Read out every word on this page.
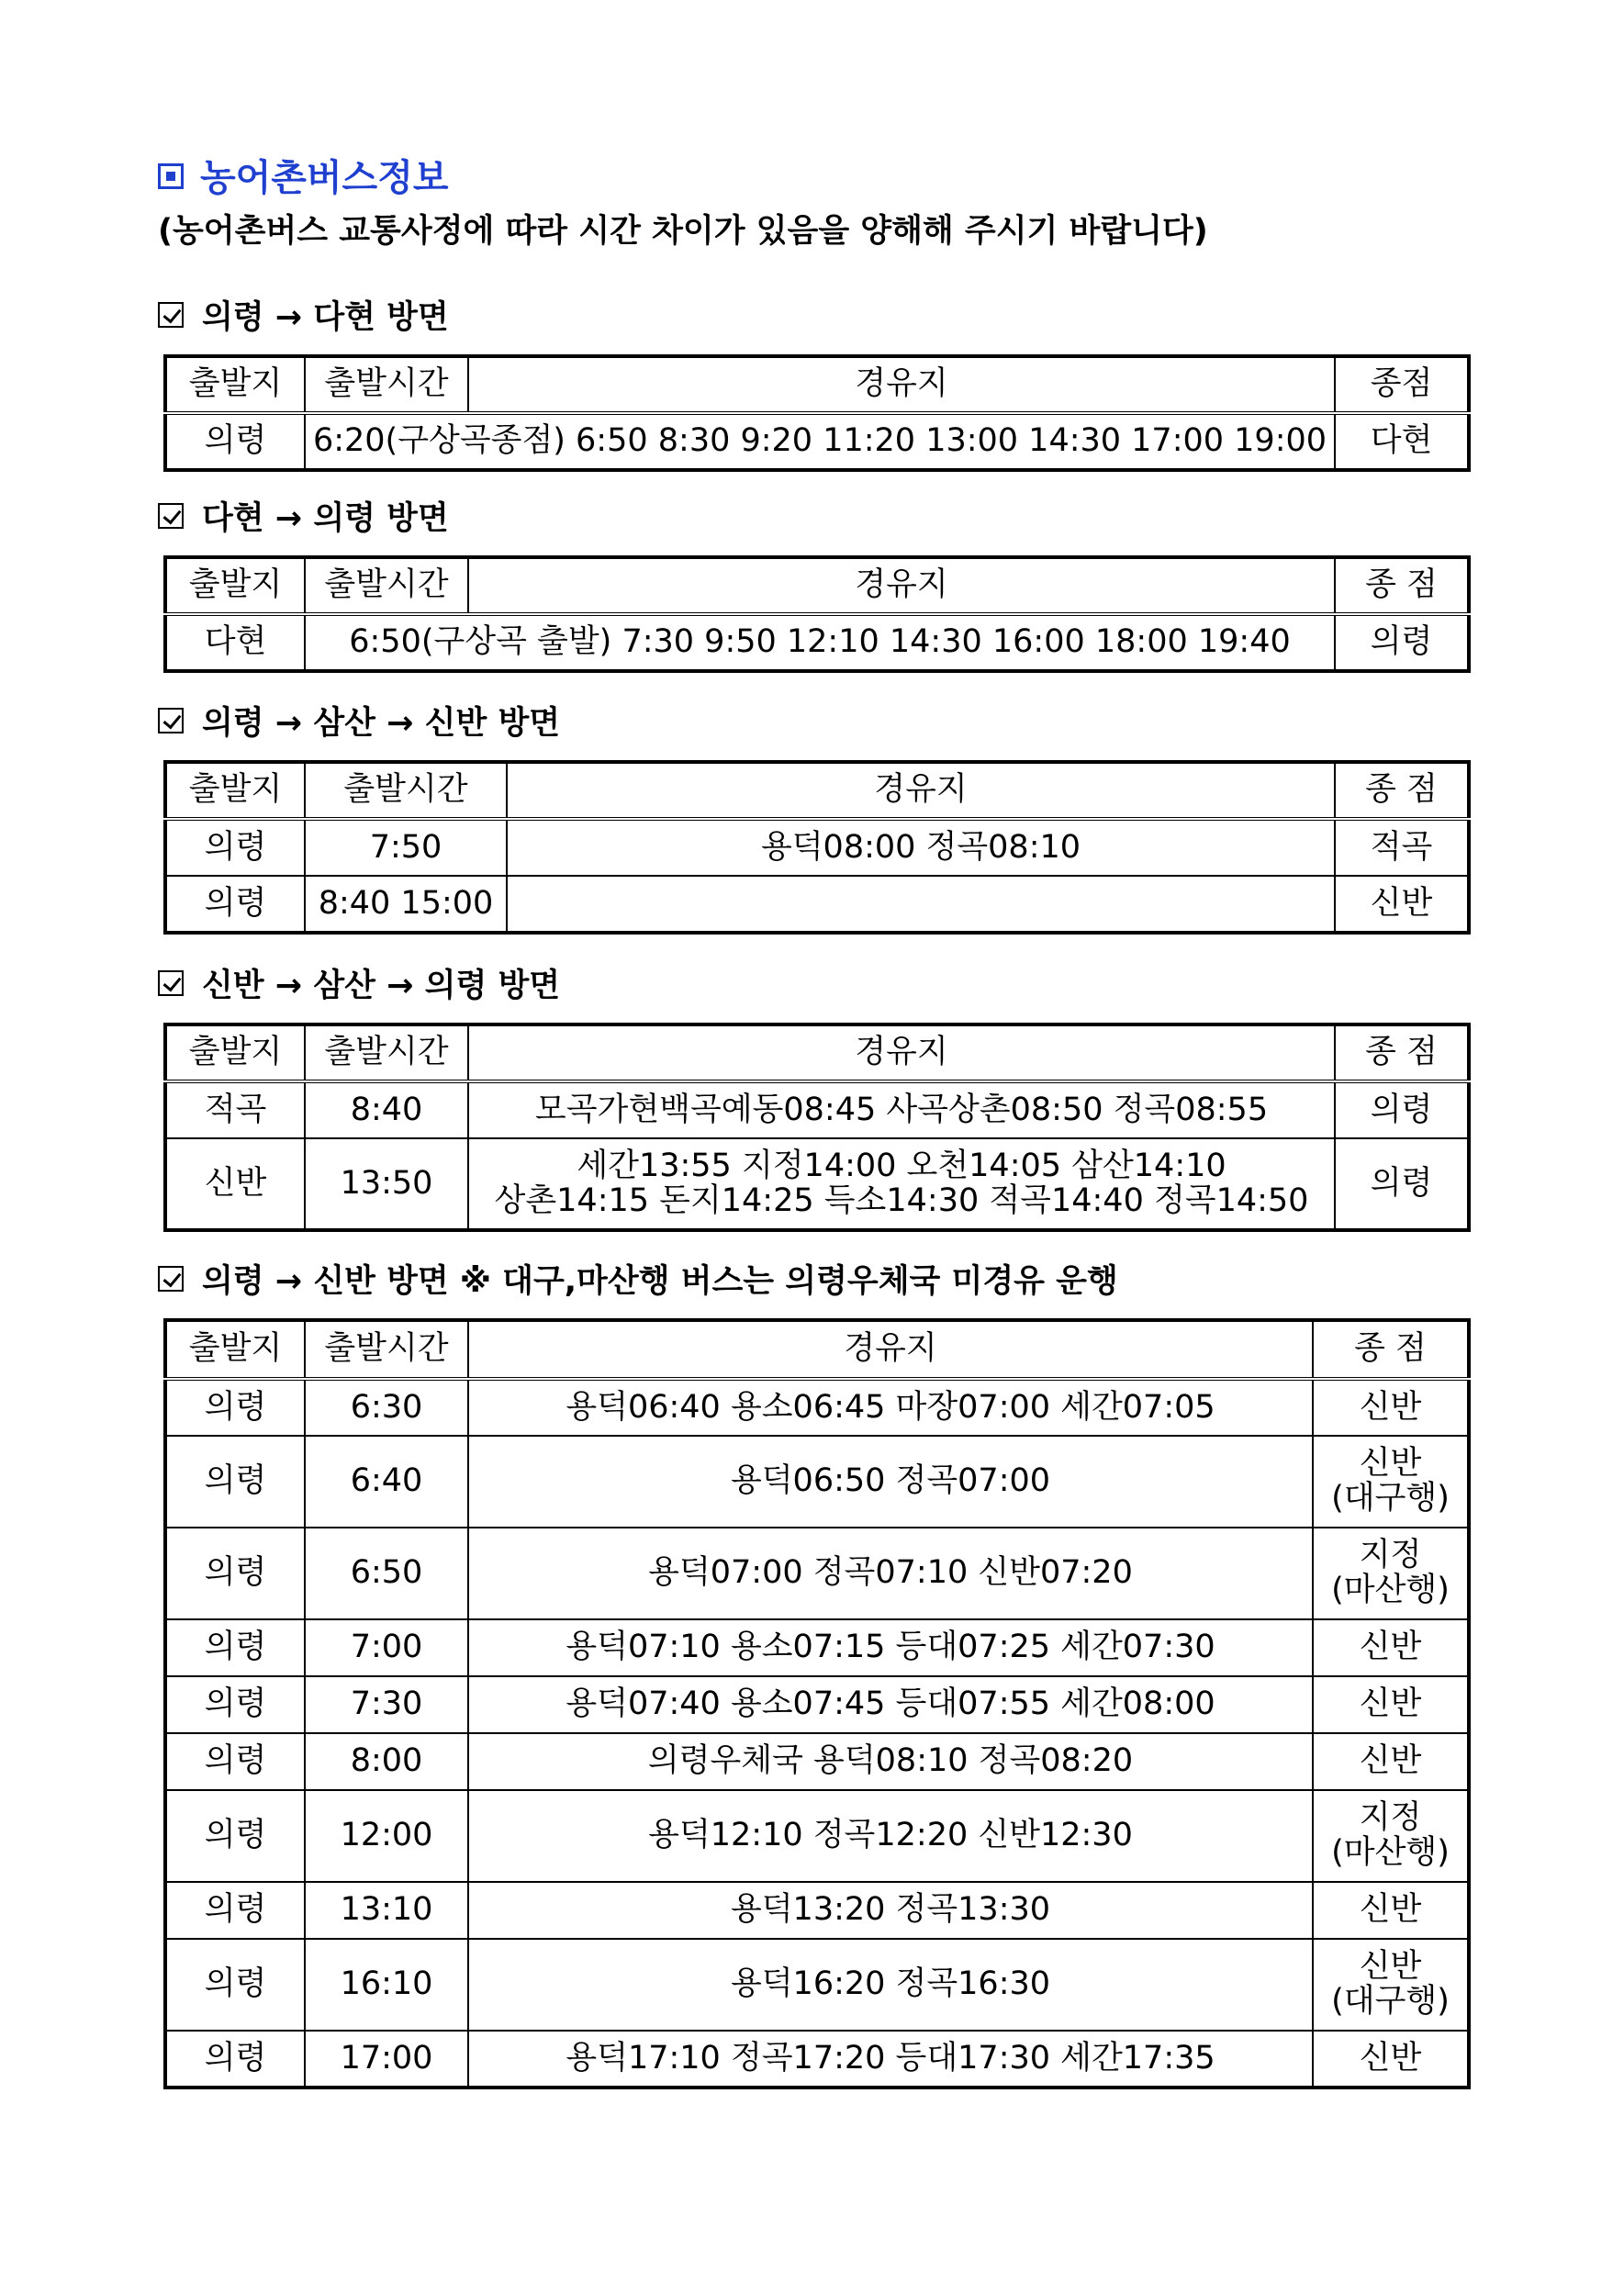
농어촌버스정보
(농어촌버스 교통사정에 따라 시간 차이가 있음을 양해해 주시기 바랍니다)
의령 → 다현 방면
출발지	출발시간	경유지	종점
의령	6:20(구상곡종점) 6:50 8:30 9:20 11:20 13:00 14:30 17:00 19:00		다현
다현 → 의령 방면
출발지	출발시간	경유지	종 점
다현	6:50(구상곡 출발) 7:30 9:50 12:10 14:30 16:00 18:00 19:40		의령
의령 → 삼산 → 신반 방면
출발지	출발시간	경유지	종 점
의령	7:50	용덕08:00 정곡08:10	적곡
의령	8:40 15:00		신반
신반 → 삼산 → 의령 방면
출발지	출발시간	경유지	종 점
적곡	8:40	모곡가현백곡예동08:45 사곡상촌08:50 정곡08:55	의령
신반	13:50	세간13:55 지정14:00 오천14:05 삼산14:10
상촌14:15 돈지14:25 득소14:30 적곡14:40 정곡14:50	의령
의령 → 신반 방면 ※ 대구,마산행 버스는 의령우체국 미경유 운행
출발지	출발시간	경유지	종 점
의령	6:30	용덕06:40 용소06:45 마장07:00 세간07:05	신반

의령	6:40	용덕06:50 정곡07:00	신반
(대구행)

의령	6:50	용덕07:00 정곡07:10 신반07:20	지정
(마산행)

의령	7:00	용덕07:10 용소07:15 등대07:25 세간07:30	신반

의령	7:30	용덕07:40 용소07:45 등대07:55 세간08:00	신반

의령	8:00	의령우체국 용덕08:10 정곡08:20	신반

의령	12:00	용덕12:10 정곡12:20 신반12:30	지정
(마산행)

의령	13:10	용덕13:20 정곡13:30	신반

의령	16:10	용덕16:20 정곡16:30	신반
(대구행)

의령	17:00	용덕17:10 정곡17:20 등대17:30 세간17:35	신반
